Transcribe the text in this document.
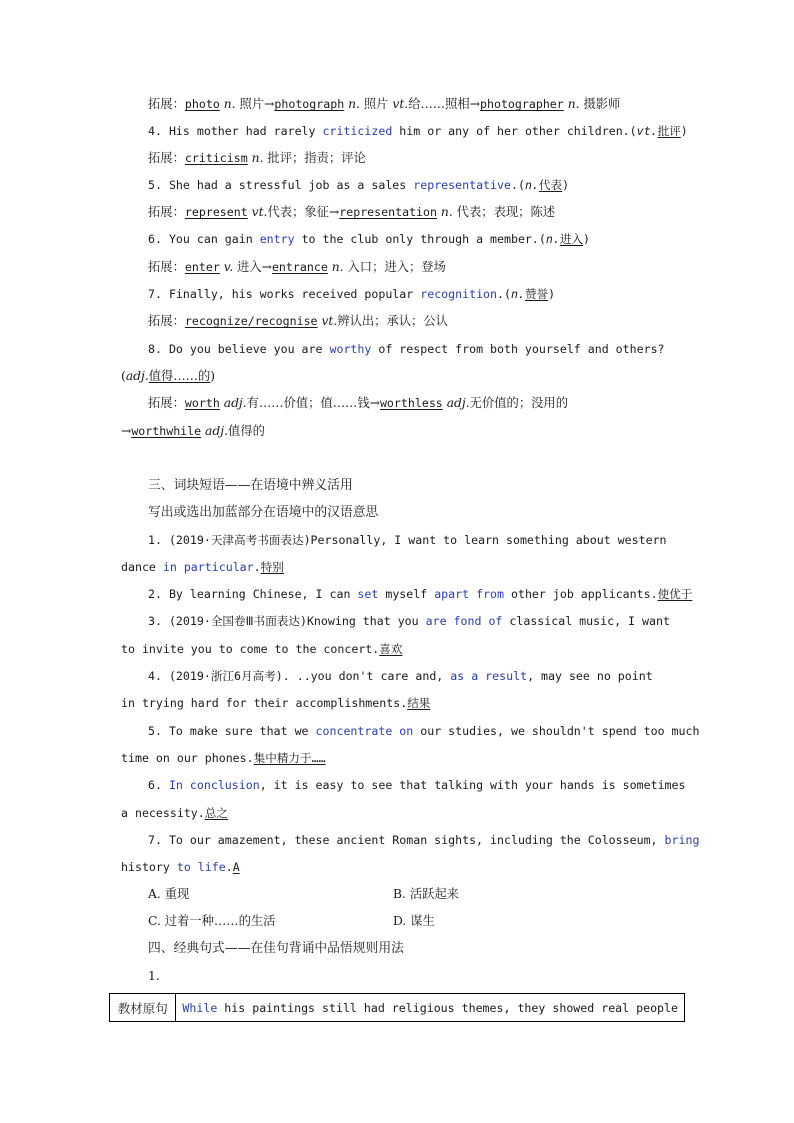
拓展：photo n. 照片→photograph n. 照片 vt.给……照相→photographer n. 摄影师
4. His mother had rarely criticized him or any of her other children.(vt.批评)
拓展：criticism n. 批评；指责；评论
5. She had a stressful job as a sales representative.(n.代表)
拓展：represent vt.代表；象征→representation n. 代表；表现；陈述
6. You can gain entry to the club only through a member.(n.进入)
拓展：enter v. 进入→entrance n. 入口；进入；登场
7. Finally, his works received popular recognition.(n.赞誉)
拓展：recognize/recognise vt.辨认出；承认；公认
8. Do you believe you are worthy of respect from both yourself and others?
(adj.值得……的)
拓展：worth adj.有……价值；值……钱→worthless adj.无价值的；没用的
→worthwhile adj.值得的
三、词块短语——在语境中辨义活用
写出或选出加蓝部分在语境中的汉语意思
1. (2019·天津高考书面表达)Personally, I want to learn something about western
dance in particular.特别
2. By learning Chinese, I can set myself apart from other job applicants.使优于
3. (2019·全国卷Ⅲ书面表达)Knowing that you are fond of classical music, I want
to invite you to come to the concert.喜欢
4. (2019·浙江6月高考). ..you don't care and, as a result, may see no point
in trying hard for their accomplishments.结果
5. To make sure that we concentrate on our studies, we shouldn't spend too much
time on our phones.集中精力于……
6. In conclusion, it is easy to see that talking with your hands is sometimes
a necessity.总之
7. To our amazement, these ancient Roman sights, including the Colosseum, bring
history to life.A
A. 重现	B. 活跃起来
C. 过着一种……的生活	D. 谋生
四、经典句式——在佳句背诵中品悟规则用法
1.
教材原句	While his paintings still had religious themes, they showed real people
